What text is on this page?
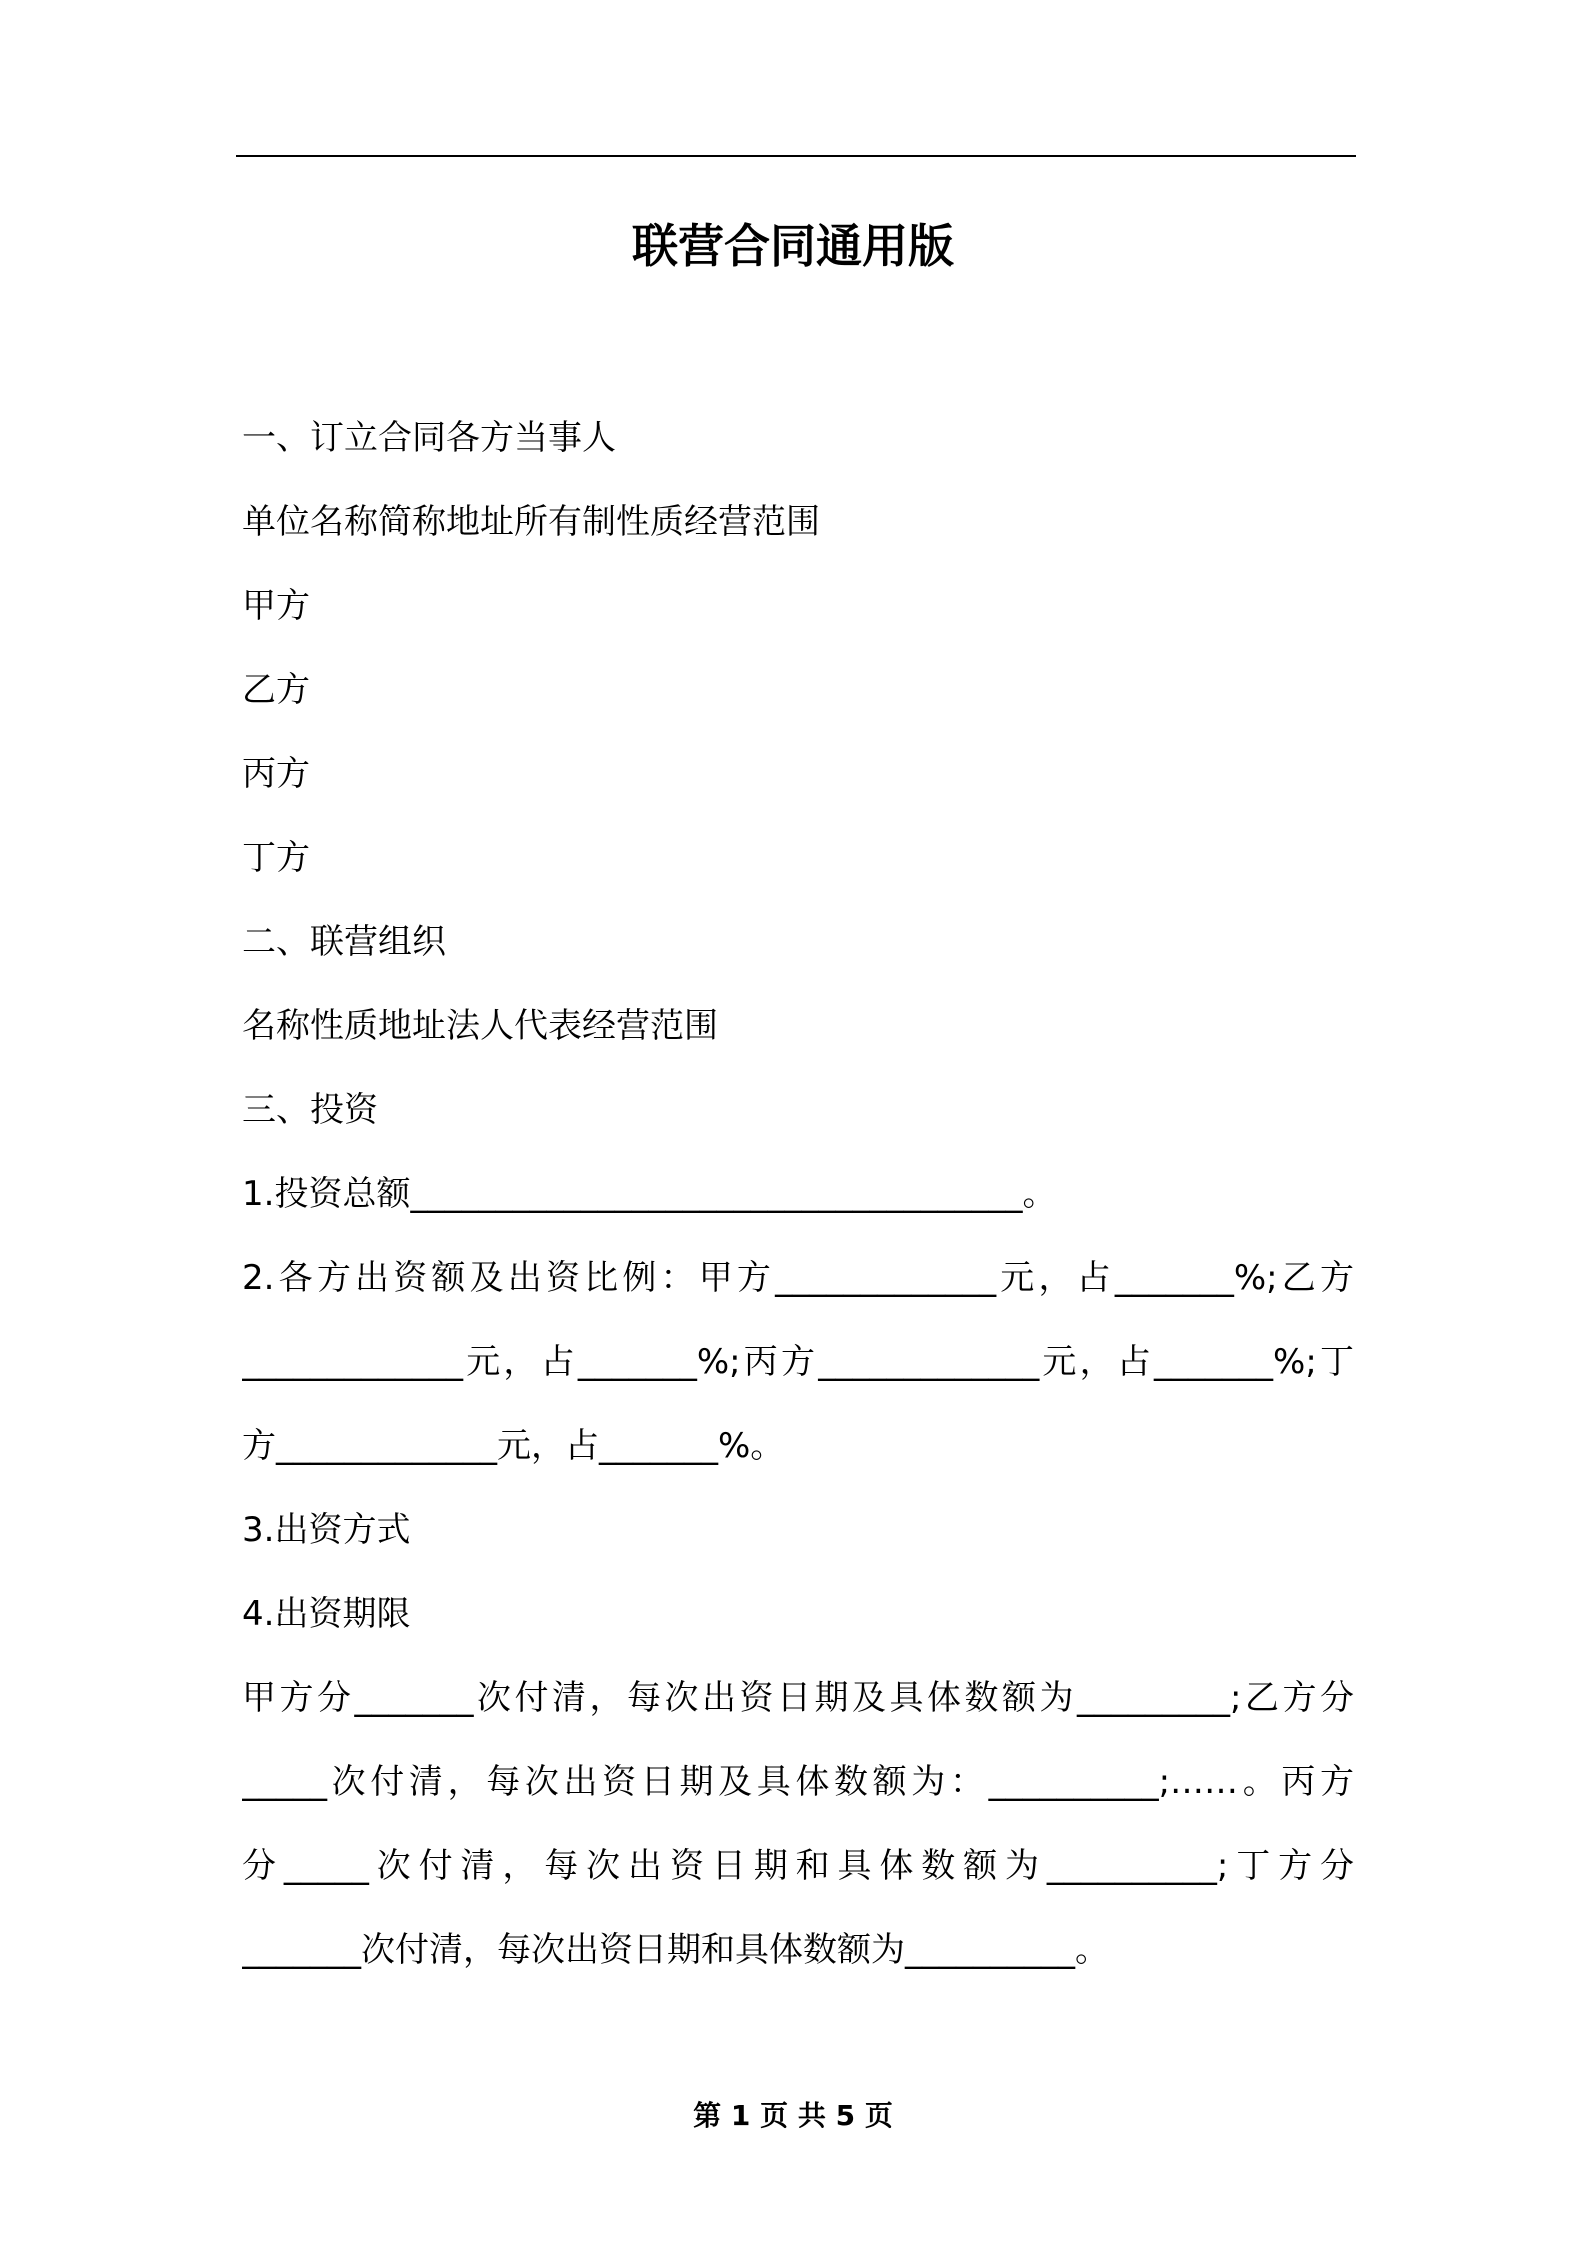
联营合同通用版

一、订立合同各方当事人

单位名称简称地址所有制性质经营范围

甲方

乙方

丙方

丁方

二、联营组织

名称性质地址法人代表经营范围

三、投资

1.投资总额____________________________________。

2.各方出资额及出资比例：甲方_____________元，占_______%;乙方

_____________元，占_______%;丙方_____________元，占_______%;丁

方_____________元，占_______%。

3.出资方式

4.出资期限

甲方分_______次付清，每次出资日期及具体数额为_________;乙方分

_____次付清，每次出资日期及具体数额为：__________;……。丙方

分_____次付清，每次出资日期和具体数额为__________;丁方分

_______次付清，每次出资日期和具体数额为__________。

第 1 页 共 5 页
